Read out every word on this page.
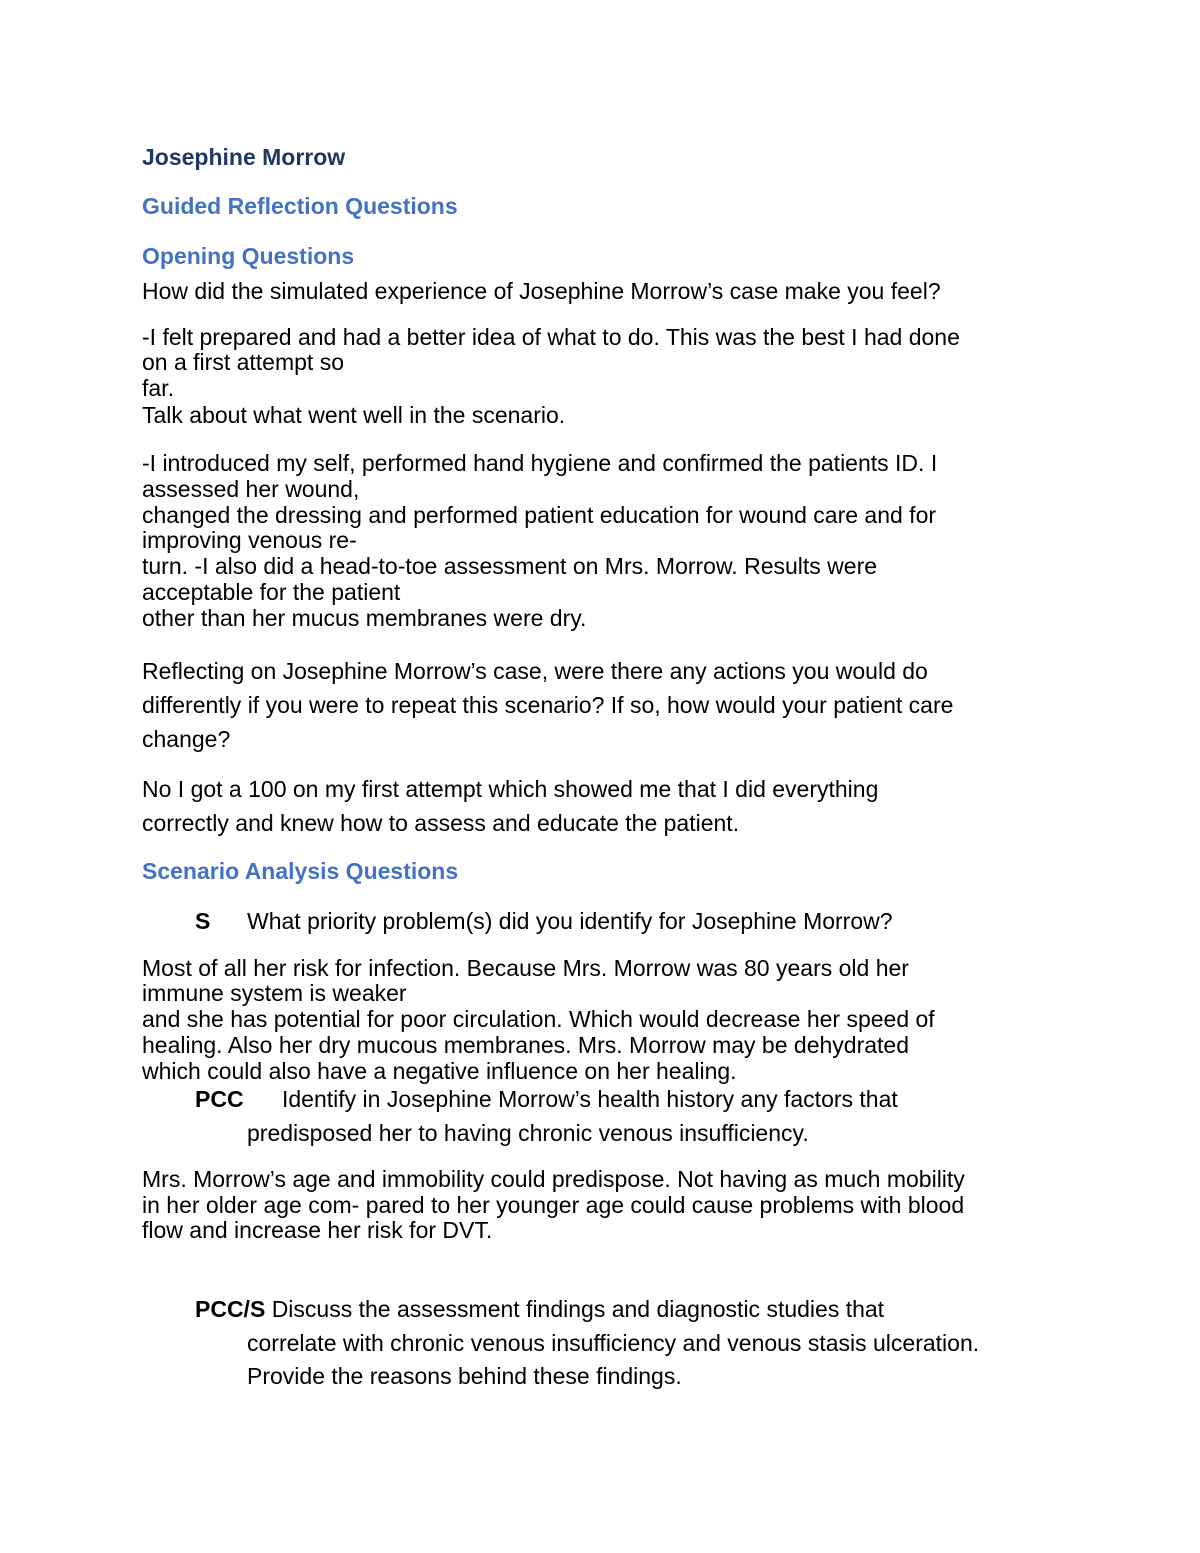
Josephine Morrow
Guided Reflection Questions
Opening Questions
How did the simulated experience of Josephine Morrow’s case make you feel?
-I felt prepared and had a better idea of what to do. This was the best I had done
on a first attempt so
far.
Talk about what went well in the scenario.
-I introduced my self, performed hand hygiene and confirmed the patients ID. I
assessed her wound,
changed the dressing and performed patient education for wound care and for
improving venous re-
turn. -I also did a head-to-toe assessment on Mrs. Morrow. Results were
acceptable for the patient
other than her mucus membranes were dry.
Reflecting on Josephine Morrow’s case, were there any actions you would do
differently if you were to repeat this scenario? If so, how would your patient care
change?
No I got a 100 on my first attempt which showed me that I did everything
correctly and knew how to assess and educate the patient.
Scenario Analysis Questions
S What priority problem(s) did you identify for Josephine Morrow?
Most of all her risk for infection. Because Mrs. Morrow was 80 years old her
immune system is weaker
and she has potential for poor circulation. Which would decrease her speed of
healing. Also her dry mucous membranes. Mrs. Morrow may be dehydrated
which could also have a negative influence on her healing.
PCC Identify in Josephine Morrow’s health history any factors that
predisposed her to having chronic venous insufficiency.
Mrs. Morrow’s age and immobility could predispose. Not having as much mobility
in her older age com- pared to her younger age could cause problems with blood
flow and increase her risk for DVT.
PCC/S Discuss the assessment findings and diagnostic studies that
correlate with chronic venous insufficiency and venous stasis ulceration.
Provide the reasons behind these findings.
